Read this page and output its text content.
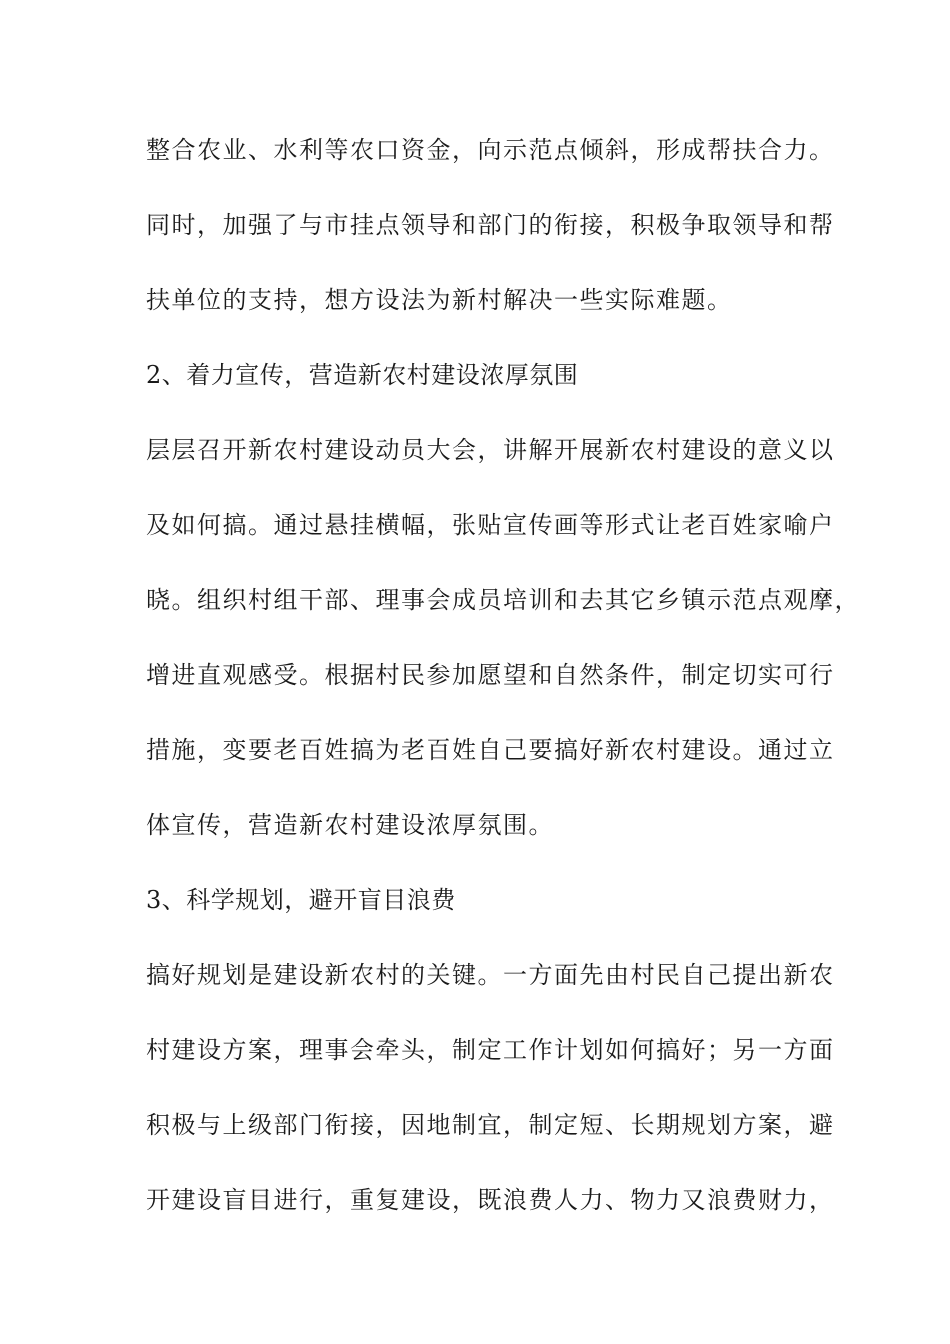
整合农业、水利等农口资金，向示范点倾斜，形成帮扶合力。
同时，加强了与市挂点领导和部门的衔接，积极争取领导和帮
扶单位的支持，想方设法为新村解决一些实际难题。
2、着力宣传，营造新农村建设浓厚氛围
层层召开新农村建设动员大会，讲解开展新农村建设的意义以
及如何搞。通过悬挂横幅，张贴宣传画等形式让老百姓家喻户
晓。组织村组干部、理事会成员培训和去其它乡镇示范点观摩，
增进直观感受。根据村民参加愿望和自然条件，制定切实可行
措施，变要老百姓搞为老百姓自己要搞好新农村建设。通过立
体宣传，营造新农村建设浓厚氛围。
3、科学规划，避开盲目浪费
搞好规划是建设新农村的关键。一方面先由村民自己提出新农
村建设方案，理事会牵头，制定工作计划如何搞好；另一方面
积极与上级部门衔接，因地制宜，制定短、长期规划方案，避
开建设盲目进行，重复建设，既浪费人力、物力又浪费财力，
